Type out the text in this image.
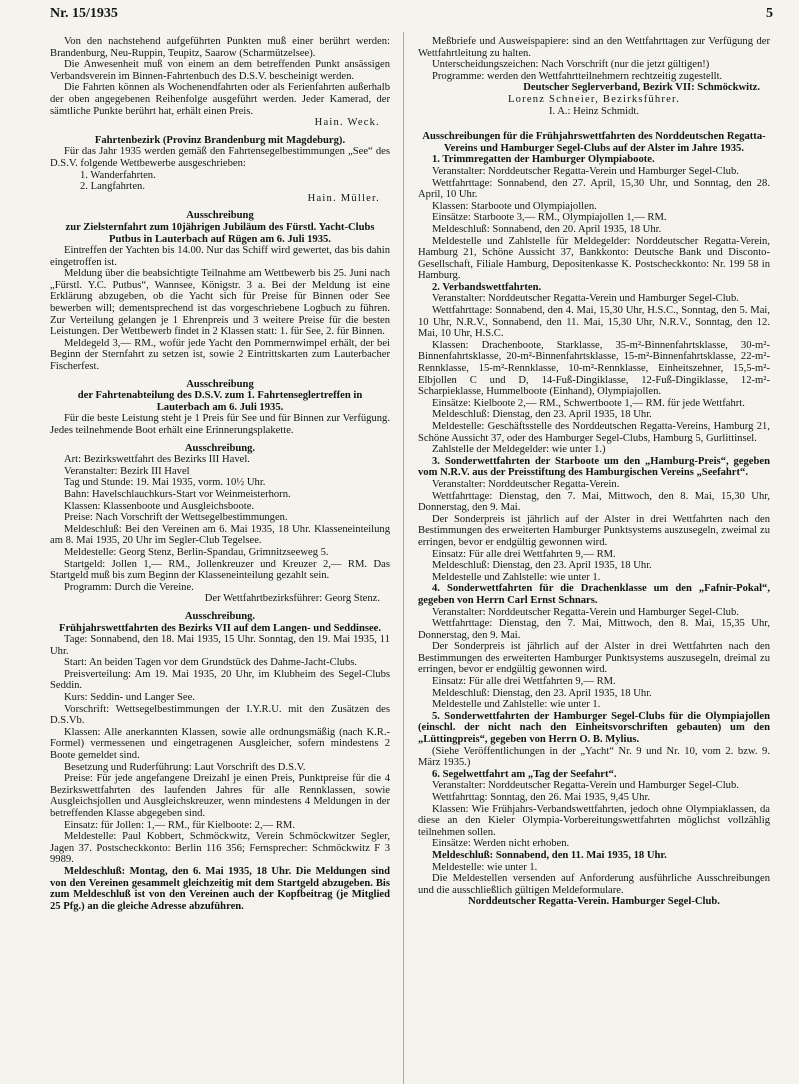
Nr. 15/1935	5

Von den nachstehend aufgeführten Punkten muß einer berührt werden: Brandenburg, Neu-Ruppin, Teupitz, Saarow (Scharmützelsee).

Die Anwesenheit muß von einem an dem betreffenden Punkt ansässigen Verbandsverein im Binnen-Fahrtenbuch des D.S.V. bescheinigt werden.

Die Fahrten können als Wochenendfahrten oder als Ferienfahrten außerhalb der oben angegebenen Reihenfolge ausgeführt werden. Jeder Kamerad, der sämtliche Punkte berührt hat, erhält einen Preis.

Hain. Weck.

Fahrtenbezirk (Provinz Brandenburg mit Magdeburg).

Für das Jahr 1935 werden gemäß den Fahrtensegelbestimmungen „See“ des D.S.V. folgende Wettbewerbe ausgeschrieben:

1. Wanderfahrten.

2. Langfahrten.

Hain. Müller.

Ausschreibung

zur Zielsternfahrt zum 10jährigen Jubiläum des Fürstl. Yacht-Clubs Putbus in Lauterbach auf Rügen am 6. Juli 1935.

Eintreffen der Yachten bis 14.00. Nur das Schiff wird gewertet, das bis dahin eingetroffen ist.

Meldung über die beabsichtigte Teilnahme am Wettbewerb bis 25. Juni nach „Fürstl. Y.C. Putbus“, Wannsee, Königstr. 3 a. Bei der Meldung ist eine Erklärung abzugeben, ob die Yacht sich für Preise für Binnen oder See bewerben will; dementsprechend ist das vorgeschriebene Logbuch zu führen. Zur Verteilung gelangen je 1 Ehrenpreis und 3 weitere Preise für die besten Leistungen. Der Wettbewerb findet in 2 Klassen statt: 1. für See, 2. für Binnen.

Meldegeld 3,— RM., wofür jede Yacht den Pommernwimpel erhält, der bei Beginn der Sternfahrt zu setzen ist, sowie 2 Eintrittskarten zum Lauterbacher Fischerfest.

Ausschreibung

der Fahrtenabteilung des D.S.V. zum 1. Fahrtenseglertreffen in Lauterbach am 6. Juli 1935.

Für die beste Leistung steht je 1 Preis für See und für Binnen zur Verfügung. Jedes teilnehmende Boot erhält eine Erinnerungsplakette.

Ausschreibung.

Art: Bezirkswettfahrt des Bezirks III Havel.

Veranstalter: Bezirk III Havel

Tag und Stunde: 19. Mai 1935, vorm. 10½ Uhr.

Bahn: Havelschlauchkurs-Start vor Weinmeisterhorn.

Klassen: Klassenboote und Ausgleichsboote.

Preise: Nach Vorschrift der Wettsegelbestimmungen.

Meldeschluß: Bei den Vereinen am 6. Mai 1935, 18 Uhr. Klasseneinteilung am 8. Mai 1935, 20 Uhr im Segler-Club Tegelsee.

Meldestelle: Georg Stenz, Berlin-Spandau, Grimnitzseeweg 5.

Startgeld: Jollen 1,— RM., Jollenkreuzer und Kreuzer 2,— RM. Das Startgeld muß bis zum Beginn der Klasseneinteilung gezahlt sein.

Programm: Durch die Vereine.

Der Wettfahrtbezirksführer: Georg Stenz.

Ausschreibung.

Frühjahrswettfahrten des Bezirks VII auf dem Langen- und Seddinsee.

Tage: Sonnabend, den 18. Mai 1935, 15 Uhr. Sonntag, den 19. Mai 1935, 11 Uhr.

Start: An beiden Tagen vor dem Grundstück des Dahme-Jacht-Clubs.

Preisverteilung: Am 19. Mai 1935, 20 Uhr, im Klubheim des Segel-Clubs Seddin.

Kurs: Seddin- und Langer See.

Vorschrift: Wettsegelbestimmungen der I.Y.R.U. mit den Zusätzen des D.S.Vb.

Klassen: Alle anerkannten Klassen, sowie alle ordnungsmäßig (nach K.R.-Formel) vermessenen und eingetragenen Ausgleicher, sofern mindestens 2 Boote gemeldet sind.

Besetzung und Ruderführung: Laut Vorschrift des D.S.V.

Preise: Für jede angefangene Dreizahl je einen Preis, Punktpreise für die 4 Bezirkswettfahrten des laufenden Jahres für alle Rennklassen, sowie Ausgleichsjollen und Ausgleichskreuzer, wenn mindestens 4 Meldungen in der betreffenden Klasse abgegeben sind.

Einsatz: für Jollen: 1,— RM., für Kielboote: 2,— RM.

Meldestelle: Paul Kobbert, Schmöckwitz, Verein Schmöckwitzer Segler, Jagen 37. Postscheckkonto: Berlin 116 356; Fernsprecher: Schmöckwitz F 3 9989.

Meldeschluß: Montag, den 6. Mai 1935, 18 Uhr. Die Meldungen sind von den Vereinen gesammelt gleichzeitig mit dem Startgeld abzugeben. Bis zum Meldeschluß ist von den Vereinen auch der Kopfbeitrag (je Mitglied 25 Pfg.) an die gleiche Adresse abzuführen.

Meßbriefe und Ausweispapiere: sind an den Wettfahrttagen zur Verfügung der Wettfahrtleitung zu halten.

Unterscheidungszeichen: Nach Vorschrift (nur die jetzt gültigen!)

Programme: werden den Wettfahrtteilnehmern rechtzeitig zugestellt.

Deutscher Seglerverband, Bezirk VII: Schmöckwitz.

Lorenz Schneier, Bezirksführer.

I. A.: Heinz Schmidt.

Ausschreibungen für die Frühjahrswettfahrten des Norddeutschen Regatta-Vereins und Hamburger Segel-Clubs auf der Alster im Jahre 1935.

1. Trimmregatten der Hamburger Olympiaboote.

Veranstalter: Norddeutscher Regatta-Verein und Hamburger Segel-Club.

Wettfahrttage: Sonnabend, den 27. April, 15,30 Uhr, und Sonntag, den 28. April, 10 Uhr.

Klassen: Starboote und Olympiajollen.

Einsätze: Starboote 3,— RM., Olympiajollen 1,— RM.

Meldeschluß: Sonnabend, den 20. April 1935, 18 Uhr.

Meldestelle und Zahlstelle für Meldegelder: Norddeutscher Regatta-Verein, Hamburg 21, Schöne Aussicht 37, Bankkonto: Deutsche Bank und Disconto-Gesellschaft, Filiale Hamburg, Depositenkasse K. Postscheckkonto: Nr. 199 58 in Hamburg.

2. Verbandswettfahrten.

Veranstalter: Norddeutscher Regatta-Verein und Hamburger Segel-Club.

Wettfahrttage: Sonnabend, den 4. Mai, 15,30 Uhr, H.S.C., Sonntag, den 5. Mai, 10 Uhr, N.R.V., Sonnabend, den 11. Mai, 15,30 Uhr, N.R.V., Sonntag, den 12. Mai, 10 Uhr, H.S.C.

Klassen: Drachenboote, Starklasse, 35-m²-Binnenfahrtsklasse, 30-m²-Binnenfahrtsklasse, 20-m²-Binnenfahrtsklasse, 15-m²-Binnenfahrtsklasse, 22-m²-Rennklasse, 15-m²-Rennklasse, 10-m²-Rennklasse, Einheitszehner, 15,5-m²-Elbjollen C und D, 14-Fuß-Dingiklasse, 12-Fuß-Dingiklasse, 12-m²-Scharpieklasse, Hummelboote (Einhand), Olympiajollen.

Einsätze: Kielboote 2,— RM., Schwertboote 1,— RM. für jede Wettfahrt.

Meldeschluß: Dienstag, den 23. April 1935, 18 Uhr.

Meldestelle: Geschäftsstelle des Norddeutschen Regatta-Vereins, Hamburg 21, Schöne Aussicht 37, oder des Hamburger Segel-Clubs, Hamburg 5, Gurlittinsel.

Zahlstelle der Meldegelder: wie unter 1.)

3. Sonderwettfahrten der Starboote um den „Hamburg-Preis“, gegeben vom N.R.V. aus der Preisstiftung des Hamburgischen Vereins „Seefahrt“.

Veranstalter: Norddeutscher Regatta-Verein.

Wettfahrttage: Dienstag, den 7. Mai, Mittwoch, den 8. Mai, 15,30 Uhr, Donnerstag, den 9. Mai.

Der Sonderpreis ist jährlich auf der Alster in drei Wettfahrten nach den Bestimmungen des erweiterten Hamburger Punktsystems auszusegeln, zweimal zu erringen, bevor er endgültig gewonnen wird.

Einsatz: Für alle drei Wettfahrten 9,— RM.

Meldeschluß: Dienstag, den 23. April 1935, 18 Uhr.

Meldestelle und Zahlstelle: wie unter 1.

4. Sonderwettfahrten für die Drachenklasse um den „Fafnir-Pokal“, gegeben von Herrn Carl Ernst Schnars.

Veranstalter: Norddeutscher Regatta-Verein und Hamburger Segel-Club.

Wettfahrttage: Dienstag, den 7. Mai, Mittwoch, den 8. Mai, 15,35 Uhr, Donnerstag, den 9. Mai.

Der Sonderpreis ist jährlich auf der Alster in drei Wettfahrten nach den Bestimmungen des erweiterten Hamburger Punktsystems auszusegeln, dreimal zu erringen, bevor er endgültig gewonnen wird.

Einsatz: Für alle drei Wettfahrten 9,— RM.

Meldeschluß: Dienstag, den 23. April 1935, 18 Uhr.

Meldestelle und Zahlstelle: wie unter 1.

5. Sonderwettfahrten der Hamburger Segel-Clubs für die Olympiajollen (einschl. der nicht nach den Einheitsvorschriften gebauten) um den „Lüttingpreis“, gegeben von Herrn O. B. Mylius.

(Siehe Veröffentlichungen in der „Yacht“ Nr. 9 und Nr. 10, vom 2. bzw. 9. März 1935.)

6. Segelwettfahrt am „Tag der Seefahrt“.

Veranstalter: Norddeutscher Regatta-Verein und Hamburger Segel-Club.

Wettfahrttag: Sonntag, den 26. Mai 1935, 9,45 Uhr.

Klassen: Wie Frühjahrs-Verbandswettfahrten, jedoch ohne Olympiaklassen, da diese an den Kieler Olympia-Vorbereitungswettfahrten möglichst vollzählig teilnehmen sollen.

Einsätze: Werden nicht erhoben.

Meldeschluß: Sonnabend, den 11. Mai 1935, 18 Uhr.

Meldestelle: wie unter 1.

Die Meldestellen versenden auf Anforderung ausführliche Ausschreibungen und die ausschließlich gültigen Meldeformulare.

Norddeutscher Regatta-Verein. Hamburger Segel-Club.
